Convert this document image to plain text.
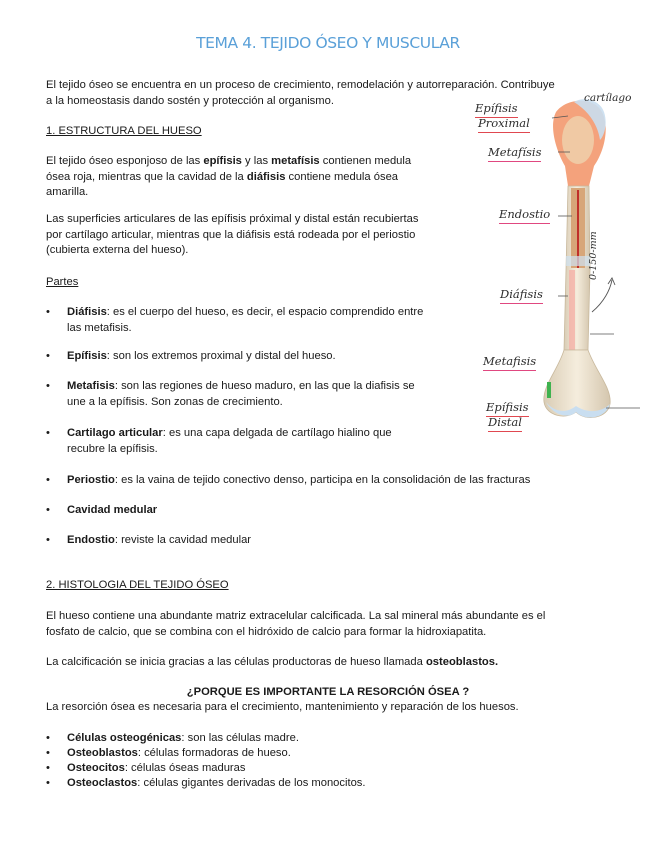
TEMA 4. TEJIDO ÓSEO Y MUSCULAR
El tejido óseo se encuentra en un proceso de crecimiento, remodelación y autorreparación. Contribuye
a la homeostasis dando sostén y protección al organismo.
1. ESTRUCTURA DEL HUESO
El tejido óseo esponjoso de las epífisis y las metafísis contienen medula
ósea roja, mientras que la cavidad de la diáfisis contiene medula ósea
amarilla.
Las superficies articulares de las epífisis próximal y distal están recubiertas
por cartílago articular, mientras que la diáfisis está rodeada por el periostio
(cubierta externa del hueso).
Partes
• Diáfisis: es el cuerpo del hueso, es decir, el espacio comprendido entre
las metafisis.
• Epífisis: son los extremos proximal y distal del hueso.
• Metafisis: son las regiones de hueso maduro, en las que la diafisis se
une a la epífisis. Son zonas de crecimiento.
• Cartilago articular: es una capa delgada de cartílago hialino que
recubre la epífisis.
• Periostio: es la vaina de tejido conectivo denso, participa en la consolidación de las fracturas
• Cavidad medular
• Endostio: reviste la cavidad medular
2. HISTOLOGIA DEL TEJIDO ÓSEO
El hueso contiene una abundante matriz extracelular calcificada. La sal mineral más abundante es el
fosfato de calcio, que se combina con el hidróxido de calcio para formar la hidroxiapatita.
La calcificación se inicia gracias a las células productoras de hueso llamada osteoblastos.
¿PORQUE ES IMPORTANTE LA RESORCIÓN ÓSEA ?
La resorción ósea es necesaria para el crecimiento, mantenimiento y reparación de los huesos.
• Células osteogénicas: son las células madre.
• Osteoblastos: células formadoras de hueso.
• Osteocitos: células óseas maduras
• Osteoclastos: células gigantes derivadas de los monocitos.
Epífisis
Proximal
cartílago
Metafísis
Endostio
Diáfisis
Metafisis
Epífisis
Distal
0-150-mm
